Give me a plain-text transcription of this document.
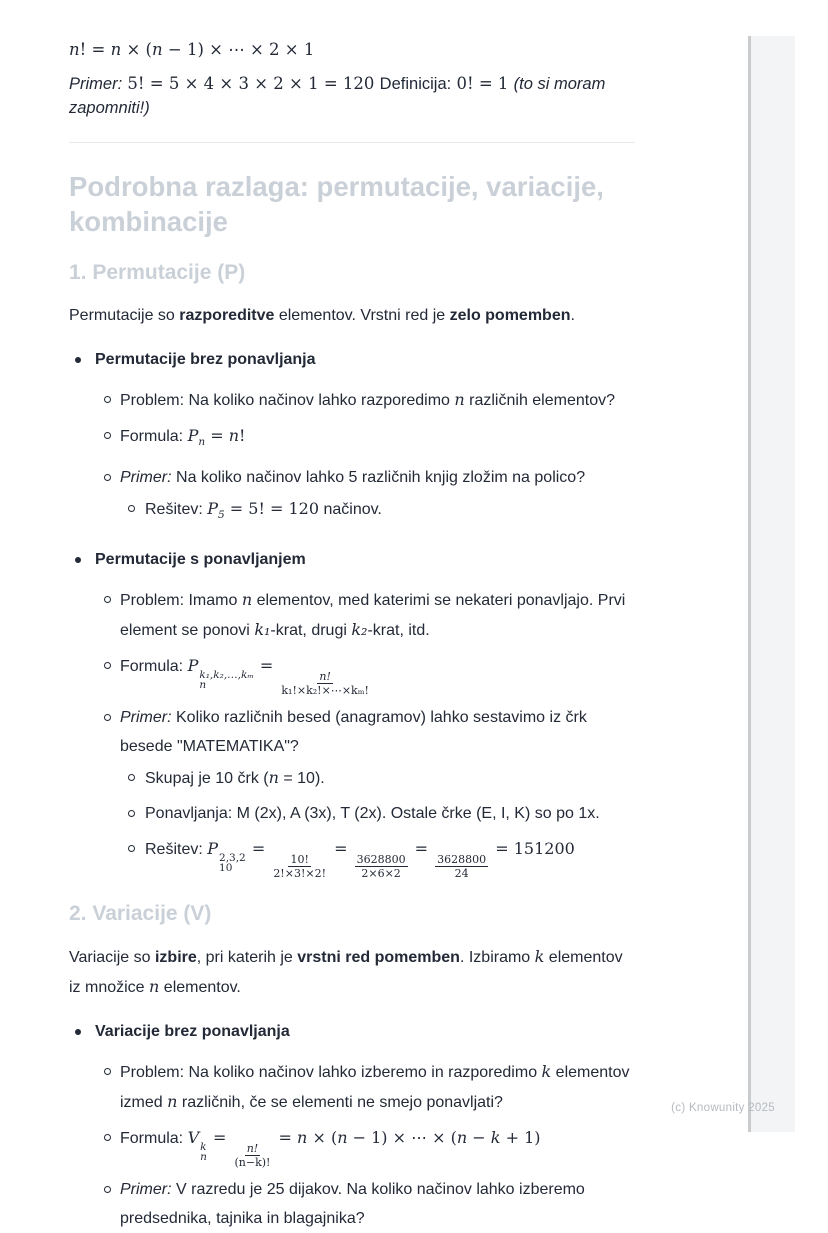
n! = n × (n − 1) × ⋯ × 2 × 1
Primer: 5! = 5 × 4 × 3 × 2 × 1 = 120 Definicija: 0! = 1 (to si moram zapomniti!)
Podrobna razlaga: permutacije, variacije, kombinacije
1. Permutacije (P)

Permutacije so razporeditve elementov. Vrstni red je zelo pomemben.

Permutacije brez ponavljanja
Problem: Na koliko načinov lahko razporedimo n različnih elementov?
Formula: $P_n = n$!
Primer: Na koliko načinov lahko 5 različnih knjig zložim na polico?
Rešitev: $P_5 = 5$! = 120 načinov.
Permutacije s ponavljanjem
Problem: Imamo n elementov, med katerimi se nekateri ponavljajo. Prvi element se ponovi k₁-krat, drugi k₂-krat, itd.
Formula: P k₁,k₂,…,kₘ
n
=
$\frac{n!}{\text{k₁!×k₂!×⋯×kₘ!}}$
Primer: Koliko različnih besed (anagramov) lahko sestavimo iz črk besede "MATEMATIKA"?
Skupaj je 10 črk (n = 10).
Ponavljanja: M (2x), A (3x), T (2x). Ostale črke (E, I, K) so po 1x.
Rešitev: P 2,3,2
10
=
$\frac{10!}{2!\times 3!\times 2!}$
=
$\frac{3628800}{2\times 6\times 2}$
=
$\frac{3628800}{24}$
= 151200
2. Variacije (V)

Variacije so izbire, pri katerih je vrstni red pomemben. Izbiramo k elementov iz množice n elementov.

Variacije brez ponavljanja
Problem: Na koliko načinov lahko izberemo in razporedimo k elementov izmed n različnih, če se elementi ne smejo ponavljati?
Formula: V k
n
=
$\frac{n!}{(n-k)!}$
= n × (n − 1) × ⋯ × (n − k + 1)
Primer: V razredu je 25 dijakov. Na koliko načinov lahko izberemo predsednika, tajnika in blagajnika?
(c) Knowunity 2025
